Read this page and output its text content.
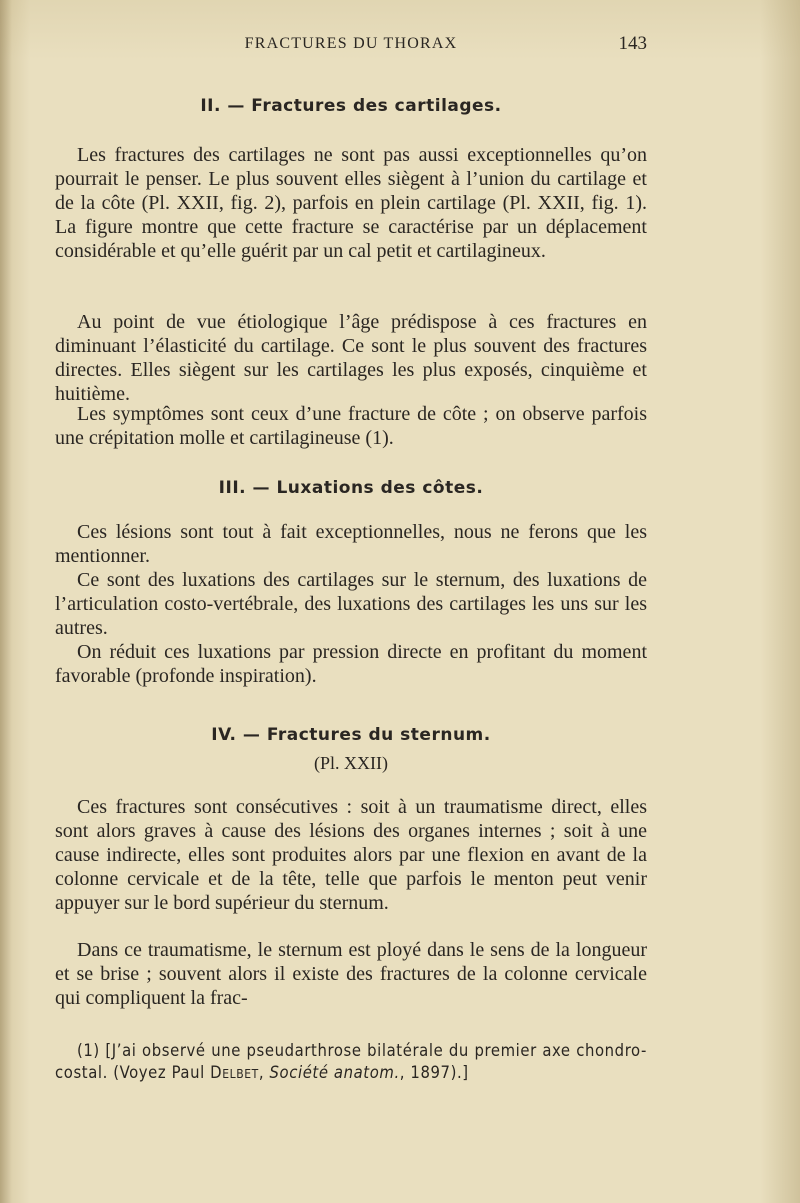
FRACTURES DU THORAX	143
II. — Fractures des cartilages.

Les fractures des cartilages ne sont pas aussi exceptionnelles qu’on pourrait le penser. Le plus souvent elles siègent à l’union du cartilage et de la côte (Pl. XXII, fig. 2), parfois en plein cartilage (Pl. XXII, fig. 1). La figure montre que cette fracture se caractérise par un déplacement considérable et qu’elle guérit par un cal petit et cartilagineux.

Au point de vue étiologique l’âge prédispose à ces fractures en diminuant l’élasticité du cartilage. Ce sont le plus souvent des fractures directes. Elles siègent sur les cartilages les plus exposés, cinquième et huitième.

Les symptômes sont ceux d’une fracture de côte ; on observe parfois une crépitation molle et cartilagineuse (1).

III. — Luxations des côtes.

Ces lésions sont tout à fait exceptionnelles, nous ne ferons que les mentionner.

Ce sont des luxations des cartilages sur le sternum, des luxations de l’articulation costo-vertébrale, des luxations des cartilages les uns sur les autres.

On réduit ces luxations par pression directe en profitant du moment favorable (profonde inspiration).

IV. — Fractures du sternum.
(Pl. XXII)

Ces fractures sont consécutives : soit à un traumatisme direct, elles sont alors graves à cause des lésions des organes internes ; soit à une cause indirecte, elles sont produites alors par une flexion en avant de la colonne cervicale et de la tête, telle que parfois le menton peut venir appuyer sur le bord supérieur du sternum.

Dans ce traumatisme, le sternum est ployé dans le sens de la longueur et se brise ; souvent alors il existe des fractures de la colonne cervicale qui compliquent la frac-

(1) [J’ai observé une pseudarthrose bilatérale du premier axe chondro-costal. (Voyez Paul Delbet, Société anatom., 1897).]
